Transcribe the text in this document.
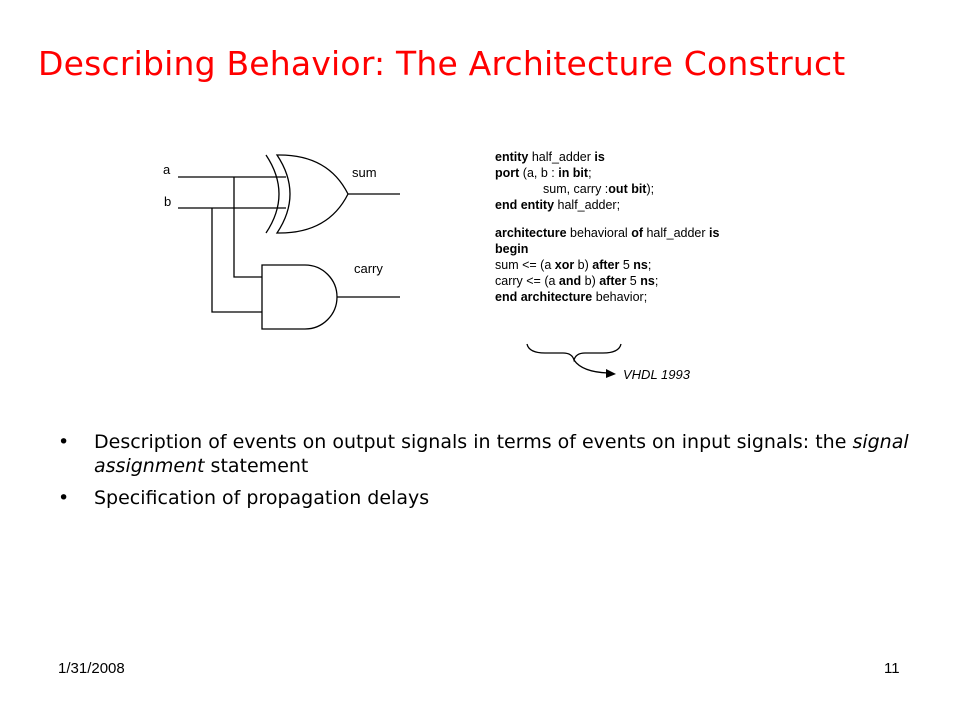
Describing Behavior: The Architecture Construct
a
b
sum
carry
entity half_adder is
port (a, b : in bit;
sum, carry :out bit);
end entity half_adder;
architecture behavioral of half_adder is
begin
sum <= (a xor b) after 5 ns;
carry <= (a and b) after 5 ns;
end architecture behavior;
VHDL 1993
• Description of events on output signals in terms of events on input signals: the signal assignment statement
• Specification of propagation delays
1/31/2008	11
